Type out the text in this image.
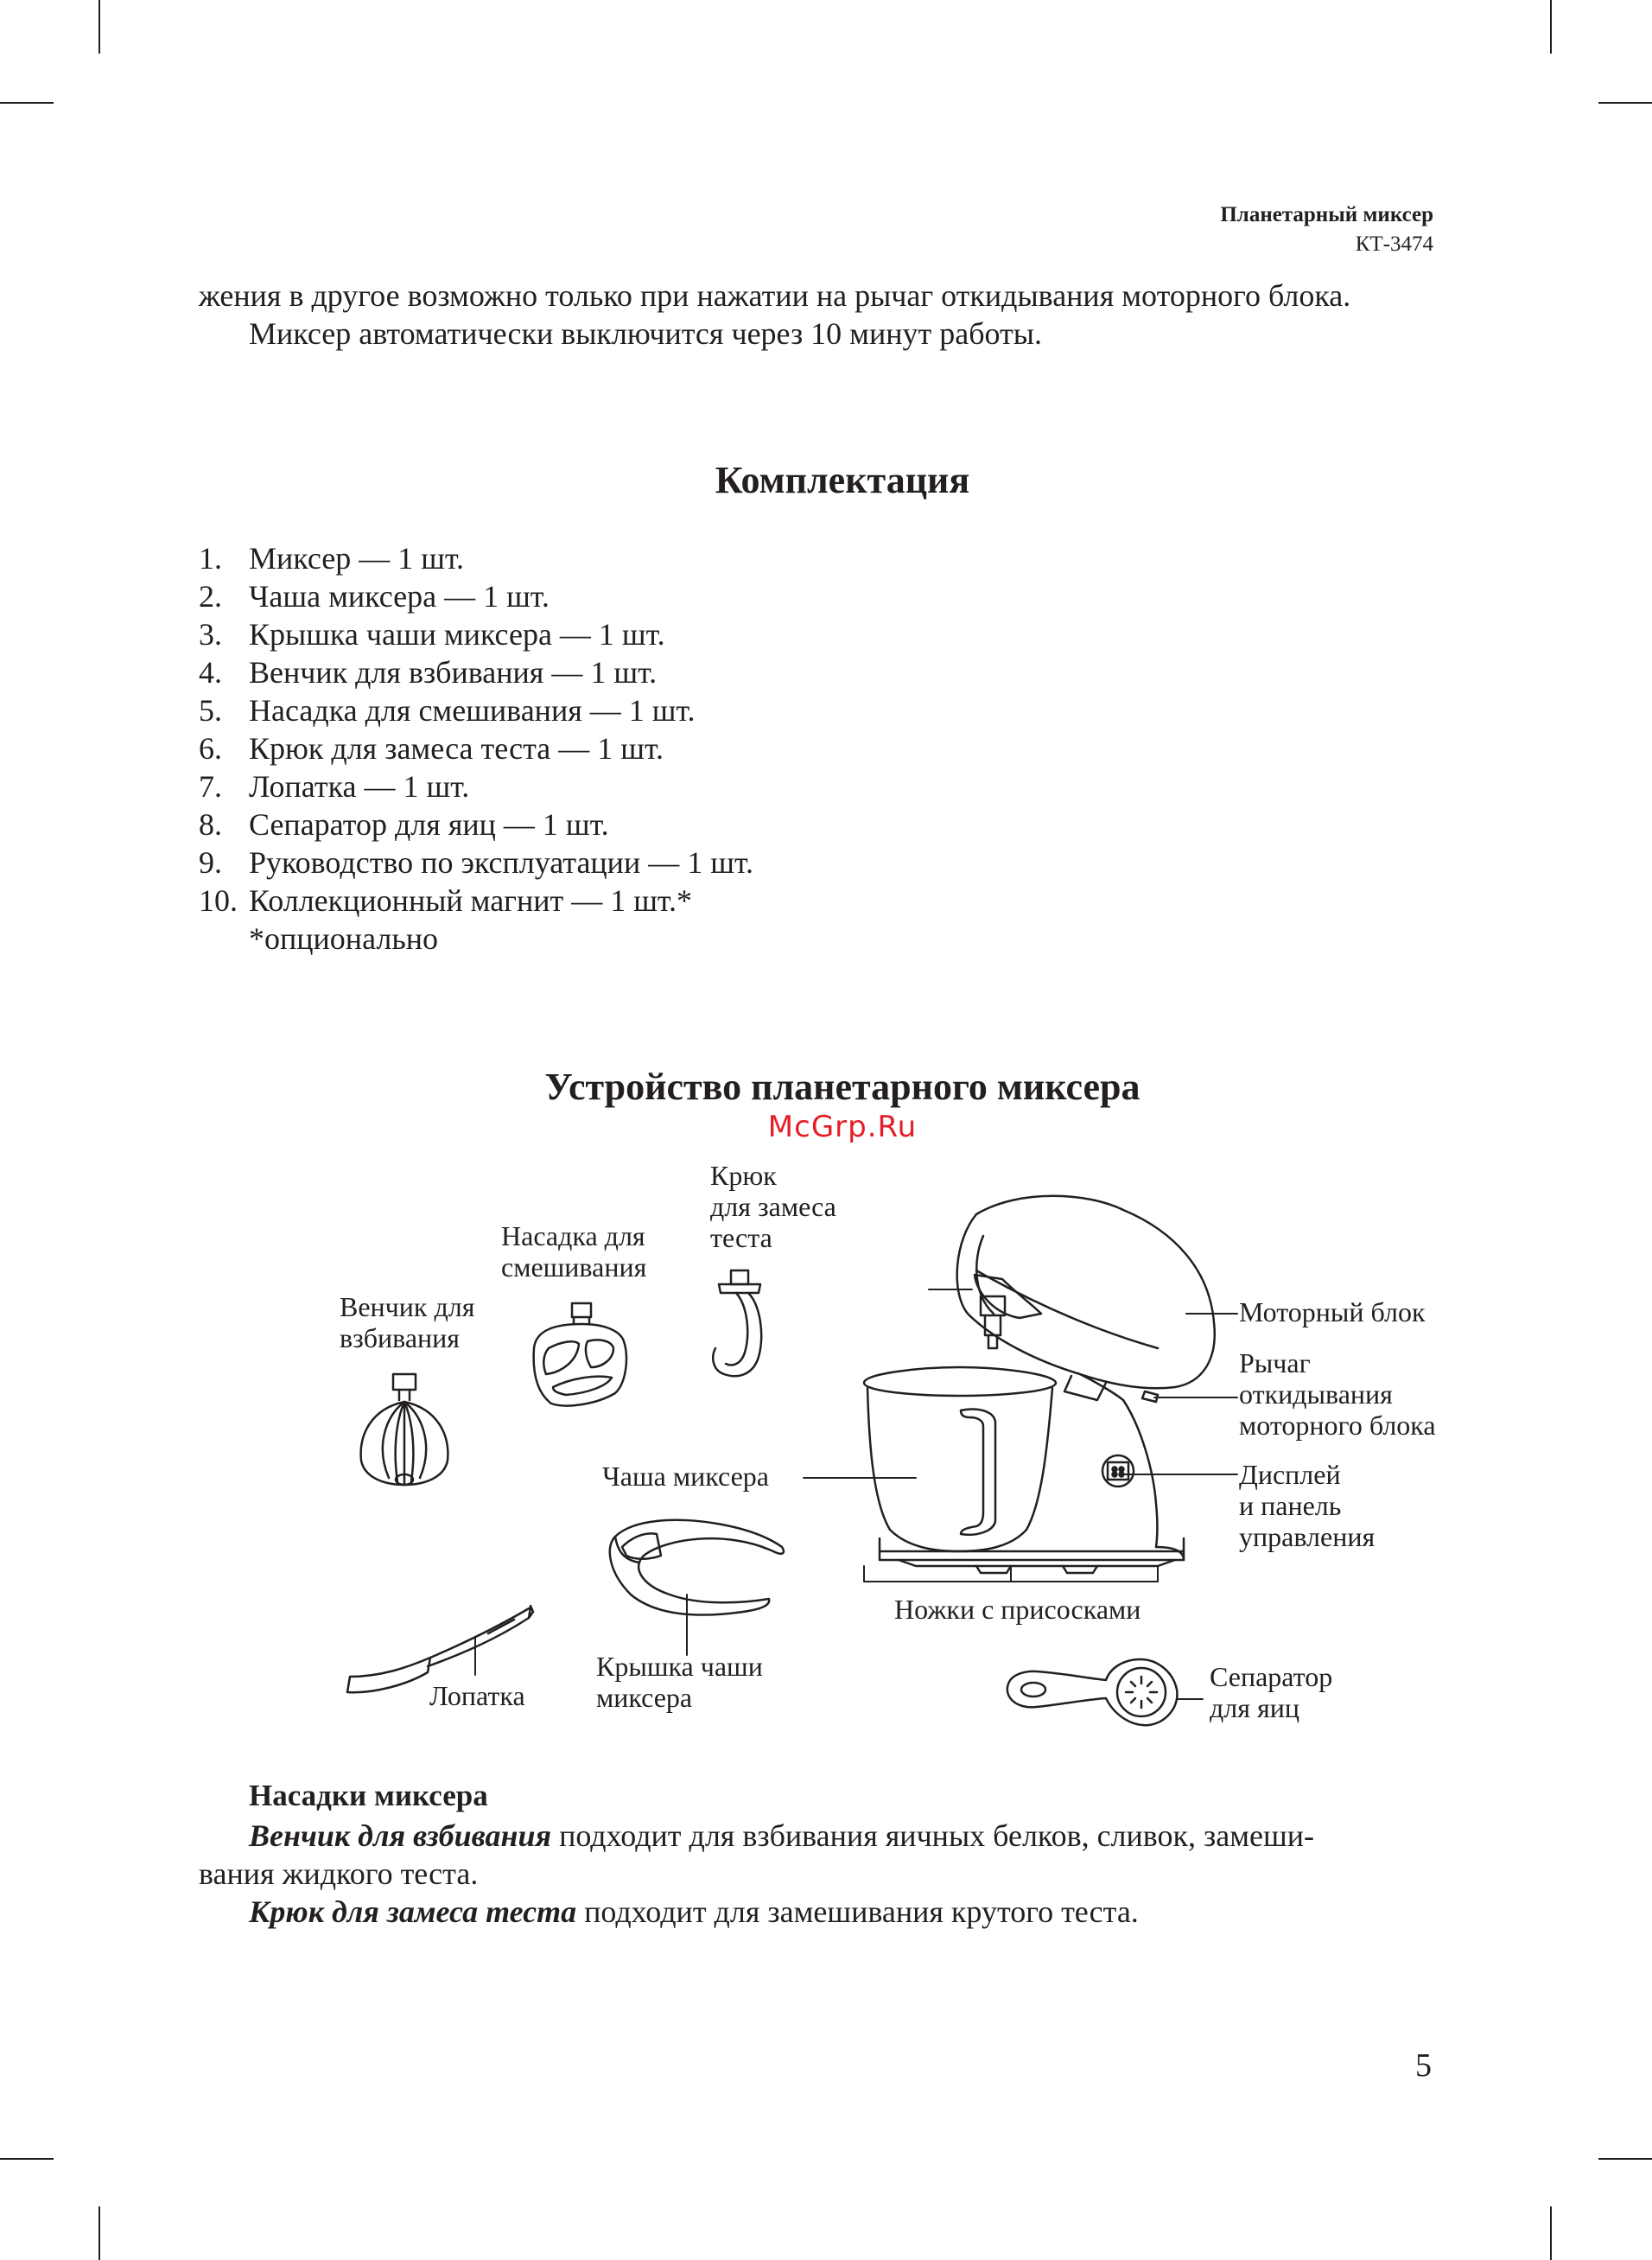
Планетарный миксер
КТ-3474

жения в другое возможно только при нажатии на рычаг откидывания моторного блока.

Миксер автоматически выключится через 10 минут работы.

Комплектация
1. Миксер — 1 шт.
2. Чаша миксера — 1 шт.
3. Крышка чаши миксера — 1 шт.
4. Венчик для взбивания — 1 шт.
5. Насадка для смешивания — 1 шт.
6. Крюк для замеса теста — 1 шт.
7. Лопатка — 1 шт.
8. Сепаратор для яиц — 1 шт.
9. Руководство по эксплуатации — 1 шт.
10. Коллекционный магнит — 1 шт.*
*опционально
Устройство планетарного миксера
McGrp.Ru
Крюк
для замеса
теста
Насадка для
смешивания
Венчик для
взбивания
Моторный блок
Рычаг
откидывания
моторного блока
Чаша миксера	Дисплей
и панель
управления
Ножки с присосками
Крышка чаши
миксера
Лопатка
Сепаратор
для яиц
Насадки миксера

Венчик для взбивания подходит для взбивания яичных белков, сливок, замеши-

вания жидкого теста.

Крюк для замеса теста подходит для замешивания крутого теста.

5
